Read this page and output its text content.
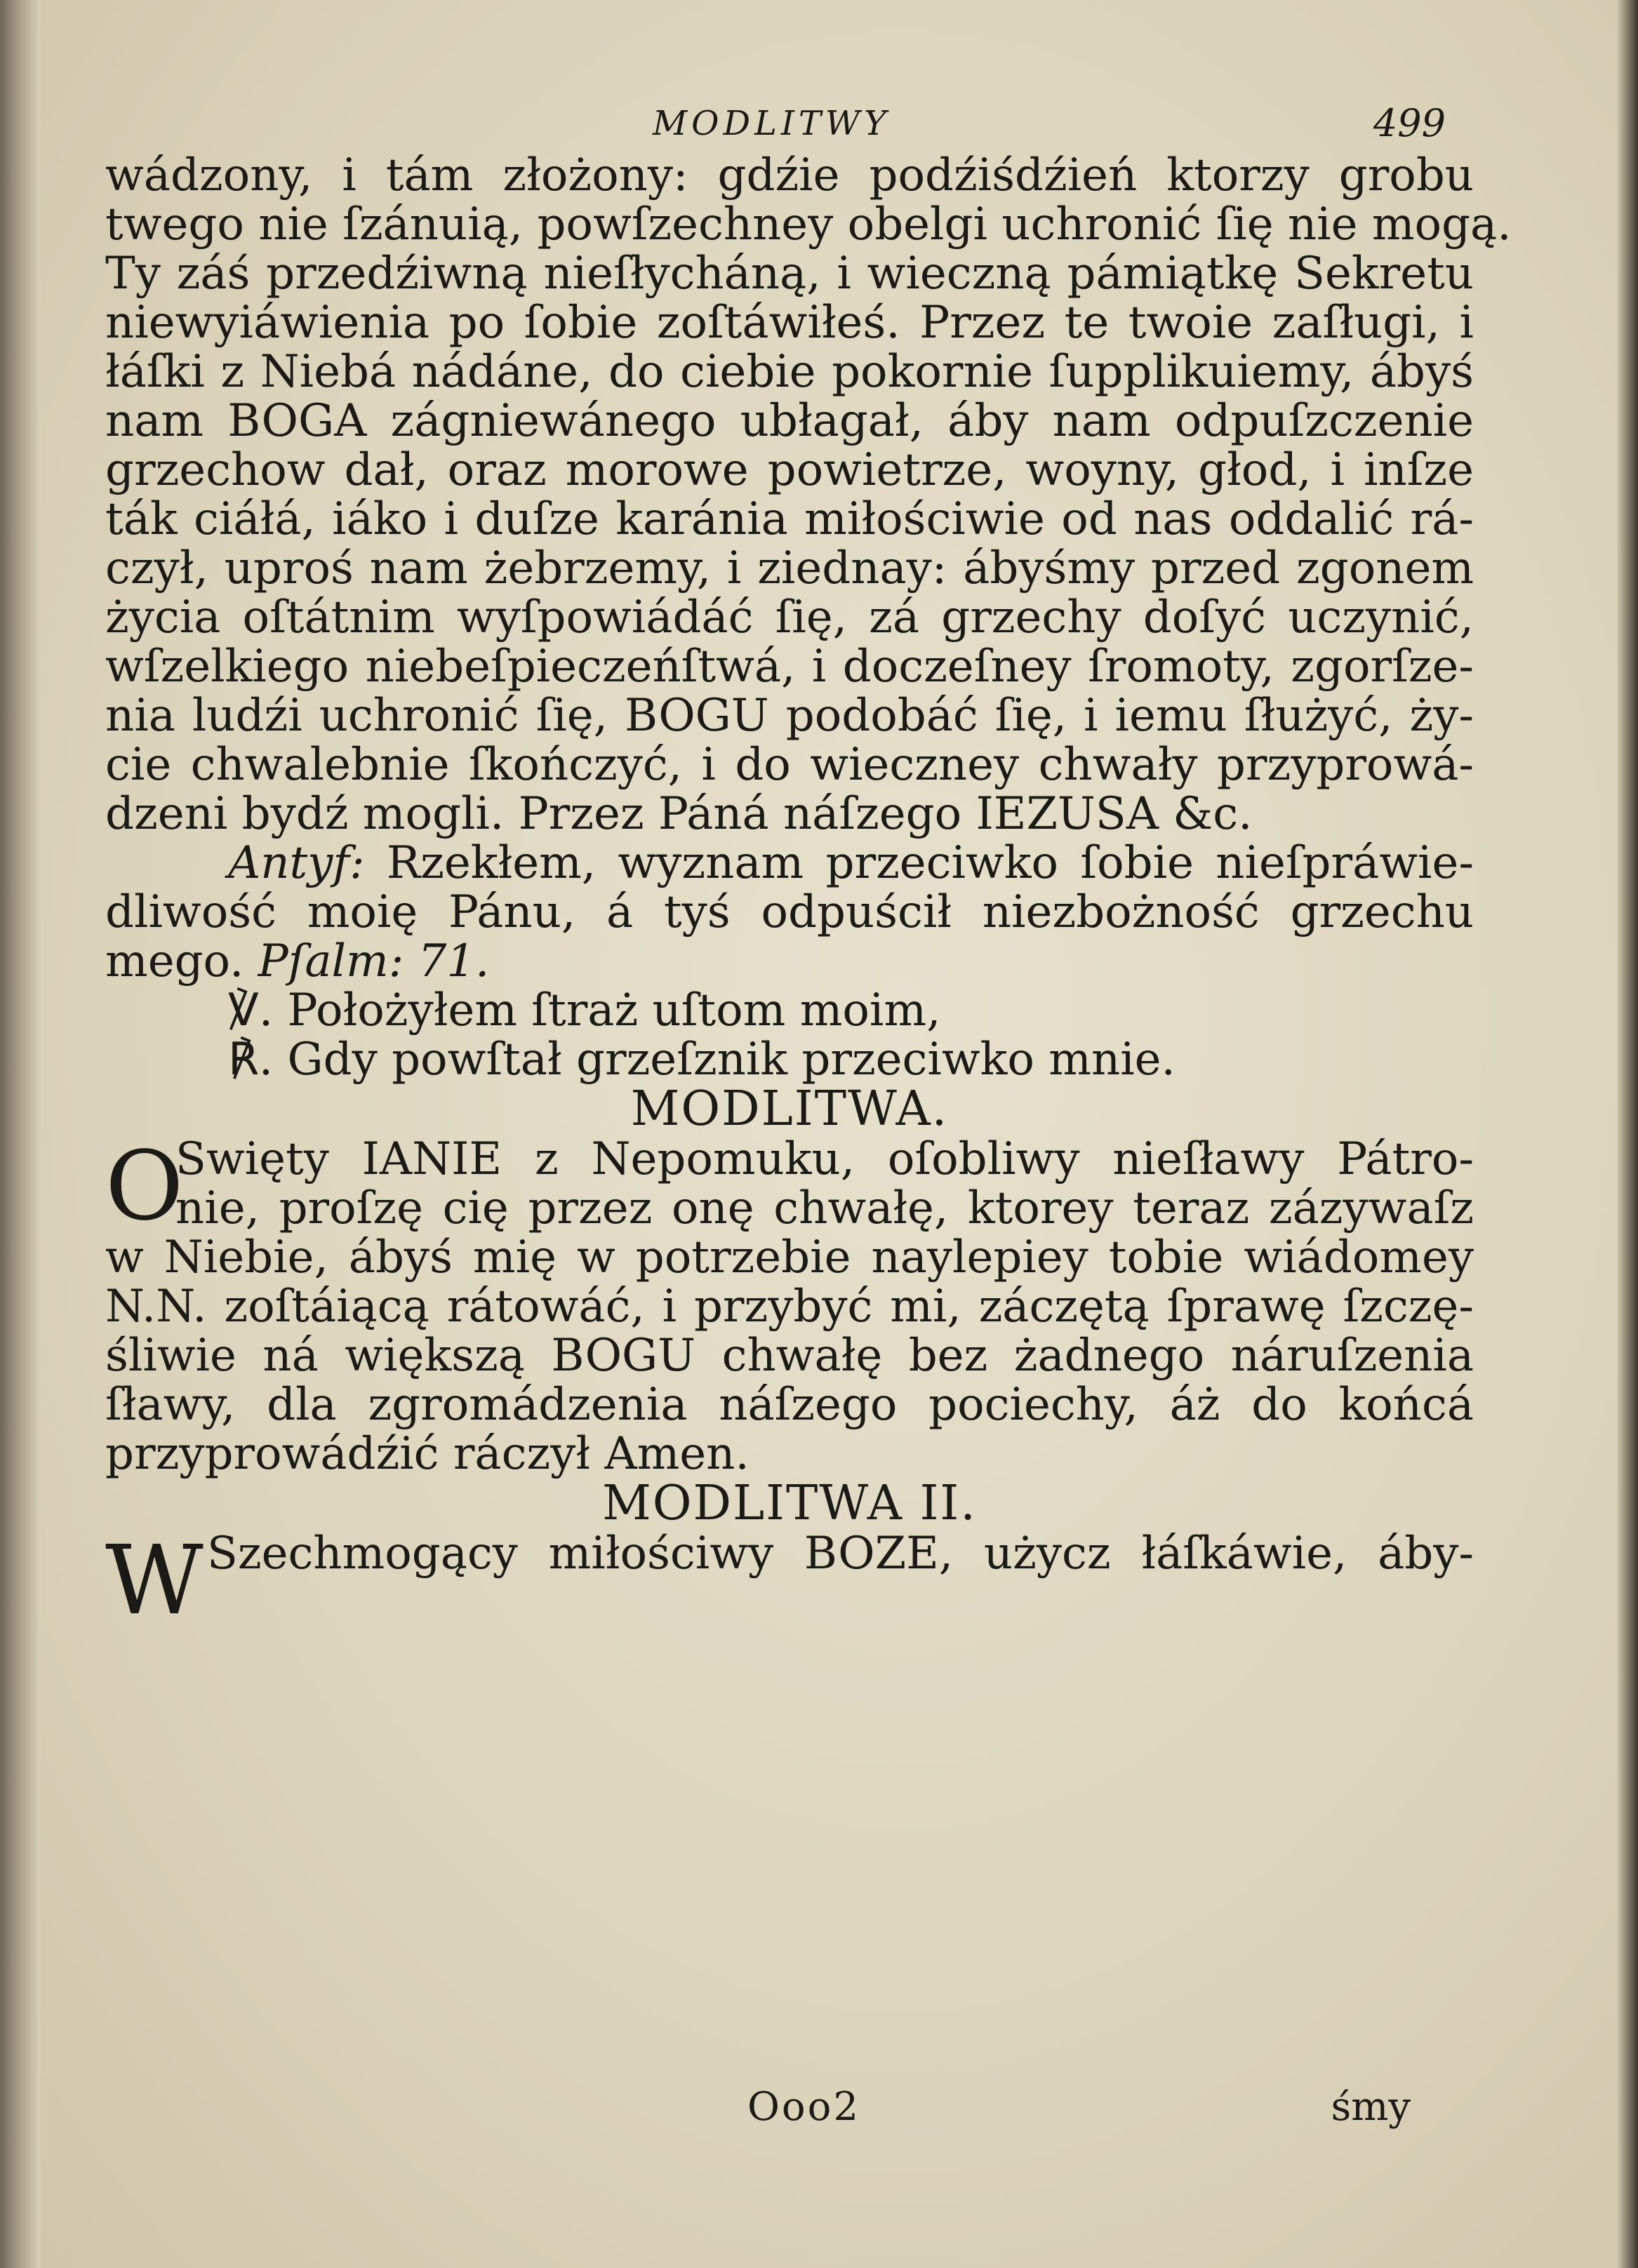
MODLITWY	499
wádzony, i tám złożony: gdźie podźiśdźień ktorzy grobu
twego nie ſzánuią, powſzechney obelgi uchronić ſię nie mogą.
Ty záś przedźiwną nieſłycháną, i wieczną pámiątkę Sekretu
niewyiáwienia po ſobie zoſtáwiłeś. Przez te twoie zaſługi, i
łáſki z Niebá nádáne, do ciebie pokornie ſupplikuiemy, ábyś
nam BOGA zágniewánego ubłagał, áby nam odpuſzczenie
grzechow dał, oraz morowe powietrze, woyny, głod, i inſze
ták ciáłá, iáko i duſze karánia miłościwie od nas oddalić rá-
czył, uproś nam żebrzemy, i ziednay: ábyśmy przed zgonem
życia oſtátnim wyſpowiádáć ſię, zá grzechy doſyć uczynić,
wſzelkiego niebeſpieczeńſtwá, i doczeſney ſromoty, zgorſze-
nia ludźi uchronić ſię, BOGU podobáć ſię, i iemu ſłużyć, ży-
cie chwalebnie ſkończyć, i do wieczney chwały przyprowá-
dzeni bydź mogli. Przez Páná náſzego IEZUSA &c.
Antyf: Rzekłem, wyznam przeciwko ſobie nieſpráwie-
dliwość moię Pánu, á tyś odpuścił niezbożność grzechu
mego. Pſalm: 71.
℣. Położyłem ſtraż uſtom moim,
℟. Gdy powſtał grzeſznik przeciwko mnie.
MODLITWA.
O
Swięty IANIE z Nepomuku, oſobliwy nieſławy Pátro-
nie, proſzę cię przez onę chwałę, ktorey teraz zázywaſz
w Niebie, ábyś mię w potrzebie naylepiey tobie wiádomey
N.N. zoſtáiącą rátowáć, i przybyć mi, záczętą ſprawę ſzczę-
śliwie ná większą BOGU chwałę bez żadnego náruſzenia
ſławy, dla zgromádzenia náſzego pociechy, áż do końcá
przyprowádźić ráczył Amen.
MODLITWA II.
W Szechmogący miłościwy BOZE, użycz łáſkáwie, áby-
Ooo2	śmy
